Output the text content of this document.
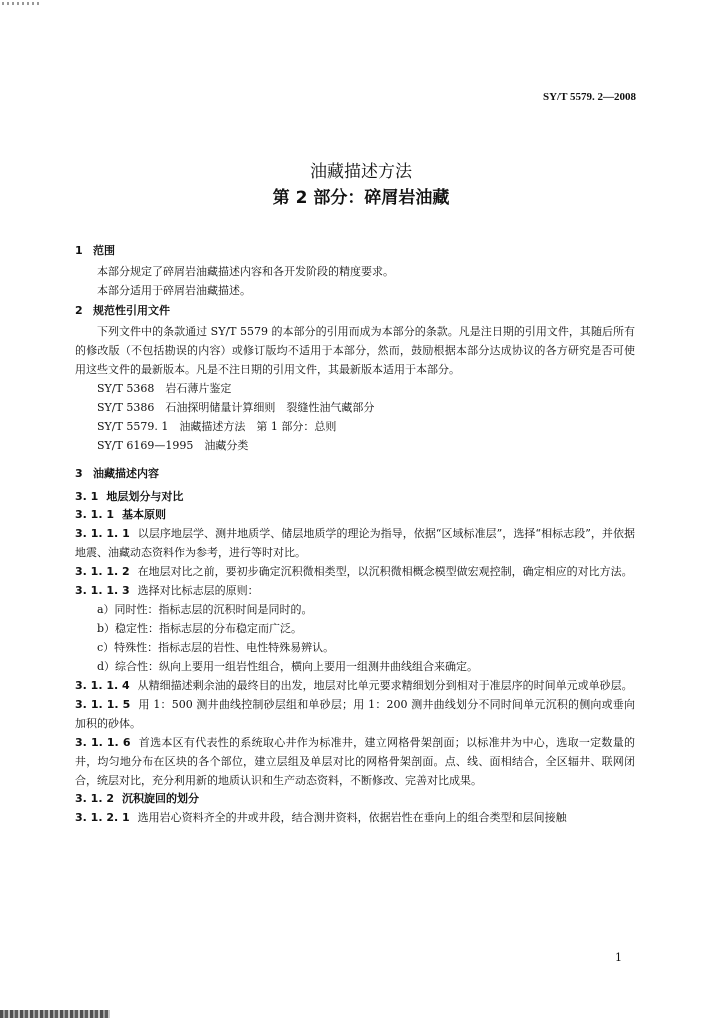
SY/T 5579. 2—2008
油藏描述方法
第 2 部分：碎屑岩油藏
1 范围

本部分规定了碎屑岩油藏描述内容和各开发阶段的精度要求。

本部分适用于碎屑岩油藏描述。

2 规范性引用文件

下列文件中的条款通过 SY/T 5579 的本部分的引用而成为本部分的条款。凡是注日期的引用文件，其随后所有的修改版（不包括勘误的内容）或修订版均不适用于本部分，然而，鼓励根据本部分达成协议的各方研究是否可使用这些文件的最新版本。凡是不注日期的引用文件，其最新版本适用于本部分。

SY/T 5368　岩石薄片鉴定
SY/T 5386　石油探明储量计算细则　裂缝性油气藏部分
SY/T 5579. 1　油藏描述方法　第 1 部分：总则
SY/T 6169—1995　油藏分类
3 油藏描述内容
3. 1 地层划分与对比
3. 1. 1 基本原则

3. 1. 1. 1 以层序地层学、测井地质学、储层地质学的理论为指导，依据“区域标准层”，选择“相标志段”，并依据地震、油藏动态资料作为参考，进行等时对比。

3. 1. 1. 2 在地层对比之前，要初步确定沉积微相类型，以沉积微相概念模型做宏观控制，确定相应的对比方法。

3. 1. 1. 3 选择对比标志层的原则：

a）同时性：指标志层的沉积时间是同时的。
b）稳定性：指标志层的分布稳定而广泛。
c）特殊性：指标志层的岩性、电性特殊易辨认。
d）综合性：纵向上要用一组岩性组合，横向上要用一组测井曲线组合来确定。

3. 1. 1. 4 从精细描述剩余油的最终目的出发，地层对比单元要求精细划分到相对于准层序的时间单元或单砂层。

3. 1. 1. 5 用 1：500 测井曲线控制砂层组和单砂层；用 1：200 测井曲线划分不同时间单元沉积的侧向或垂向加积的砂体。

3. 1. 1. 6 首选本区有代表性的系统取心井作为标准井，建立网格骨架剖面；以标准井为中心，选取一定数量的井，均匀地分布在区块的各个部位，建立层组及单层对比的网格骨架剖面。点、线、面相结合，全区辐井、联网闭合，统层对比，充分利用新的地质认识和生产动态资料，不断修改、完善对比成果。

3. 1. 2 沉积旋回的划分

3. 1. 2. 1 选用岩心资料齐全的井或井段，结合测井资料，依据岩性在垂向上的组合类型和层间接触

1
